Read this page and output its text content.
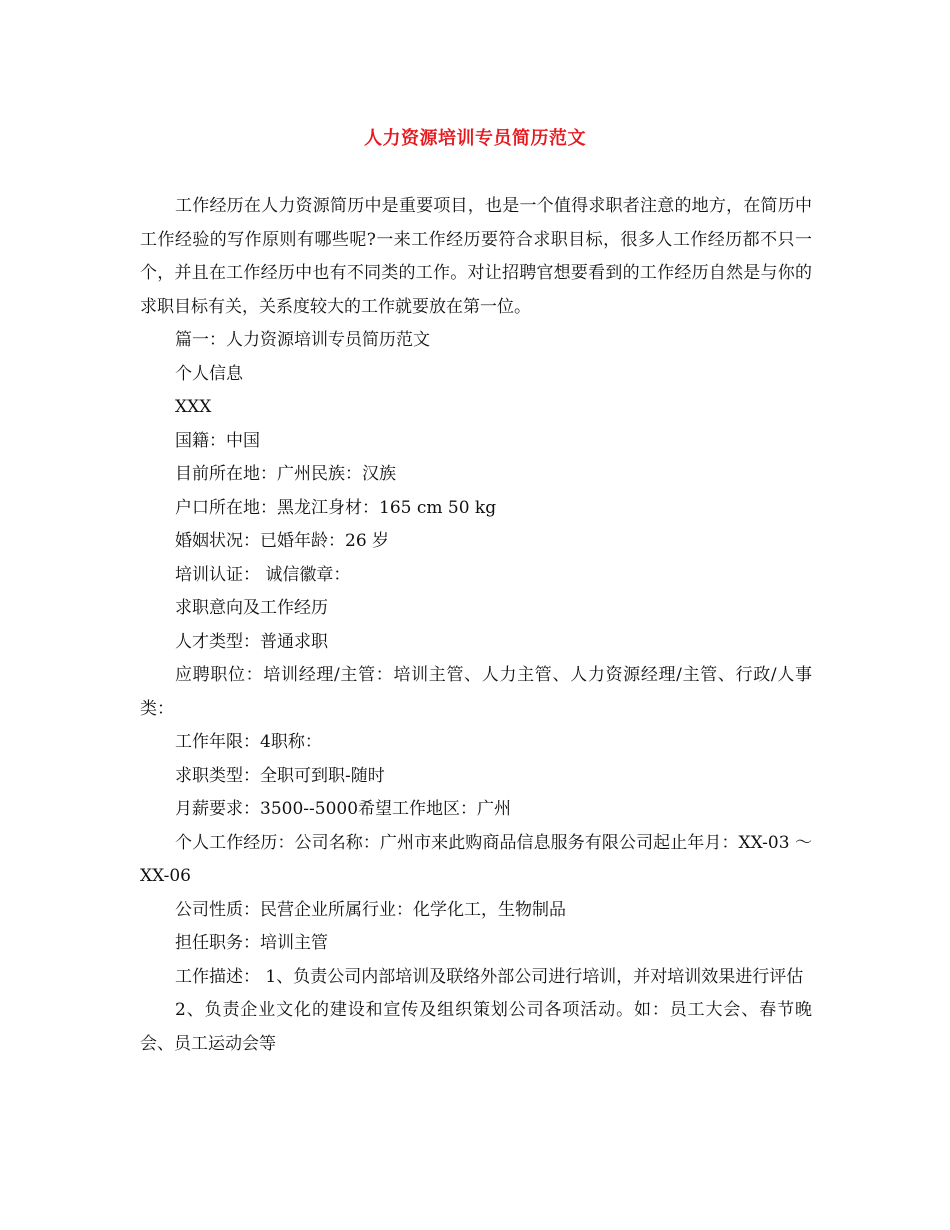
人力资源培训专员简历范文

工作经历在人力资源简历中是重要项目，也是一个值得求职者注意的地方，在简历中工作经验的写作原则有哪些呢?一来工作经历要符合求职目标，很多人工作经历都不只一个，并且在工作经历中也有不同类的工作。对让招聘官想要看到的工作经历自然是与你的求职目标有关，关系度较大的工作就要放在第一位。

篇一：人力资源培训专员简历范文

个人信息

XXX

国籍：中国

目前所在地：广州民族：汉族

户口所在地：黑龙江身材：165 cm 50 kg

婚姻状况：已婚年龄：26 岁

培训认证： 诚信徽章：

求职意向及工作经历

人才类型：普通求职

应聘职位：培训经理/主管：培训主管、人力主管、人力资源经理/主管、行政/人事类：

工作年限：4职称：

求职类型：全职可到职-随时

月薪要求：3500--5000希望工作地区：广州

个人工作经历：公司名称：广州市来此购商品信息服务有限公司起止年月：XX-03 ～ XX-06

公司性质：民营企业所属行业：化学化工，生物制品

担任职务：培训主管

工作描述： 1、负责公司内部培训及联络外部公司进行培训，并对培训效果进行评估

2、负责企业文化的建设和宣传及组织策划公司各项活动。如：员工大会、春节晚会、员工运动会等
